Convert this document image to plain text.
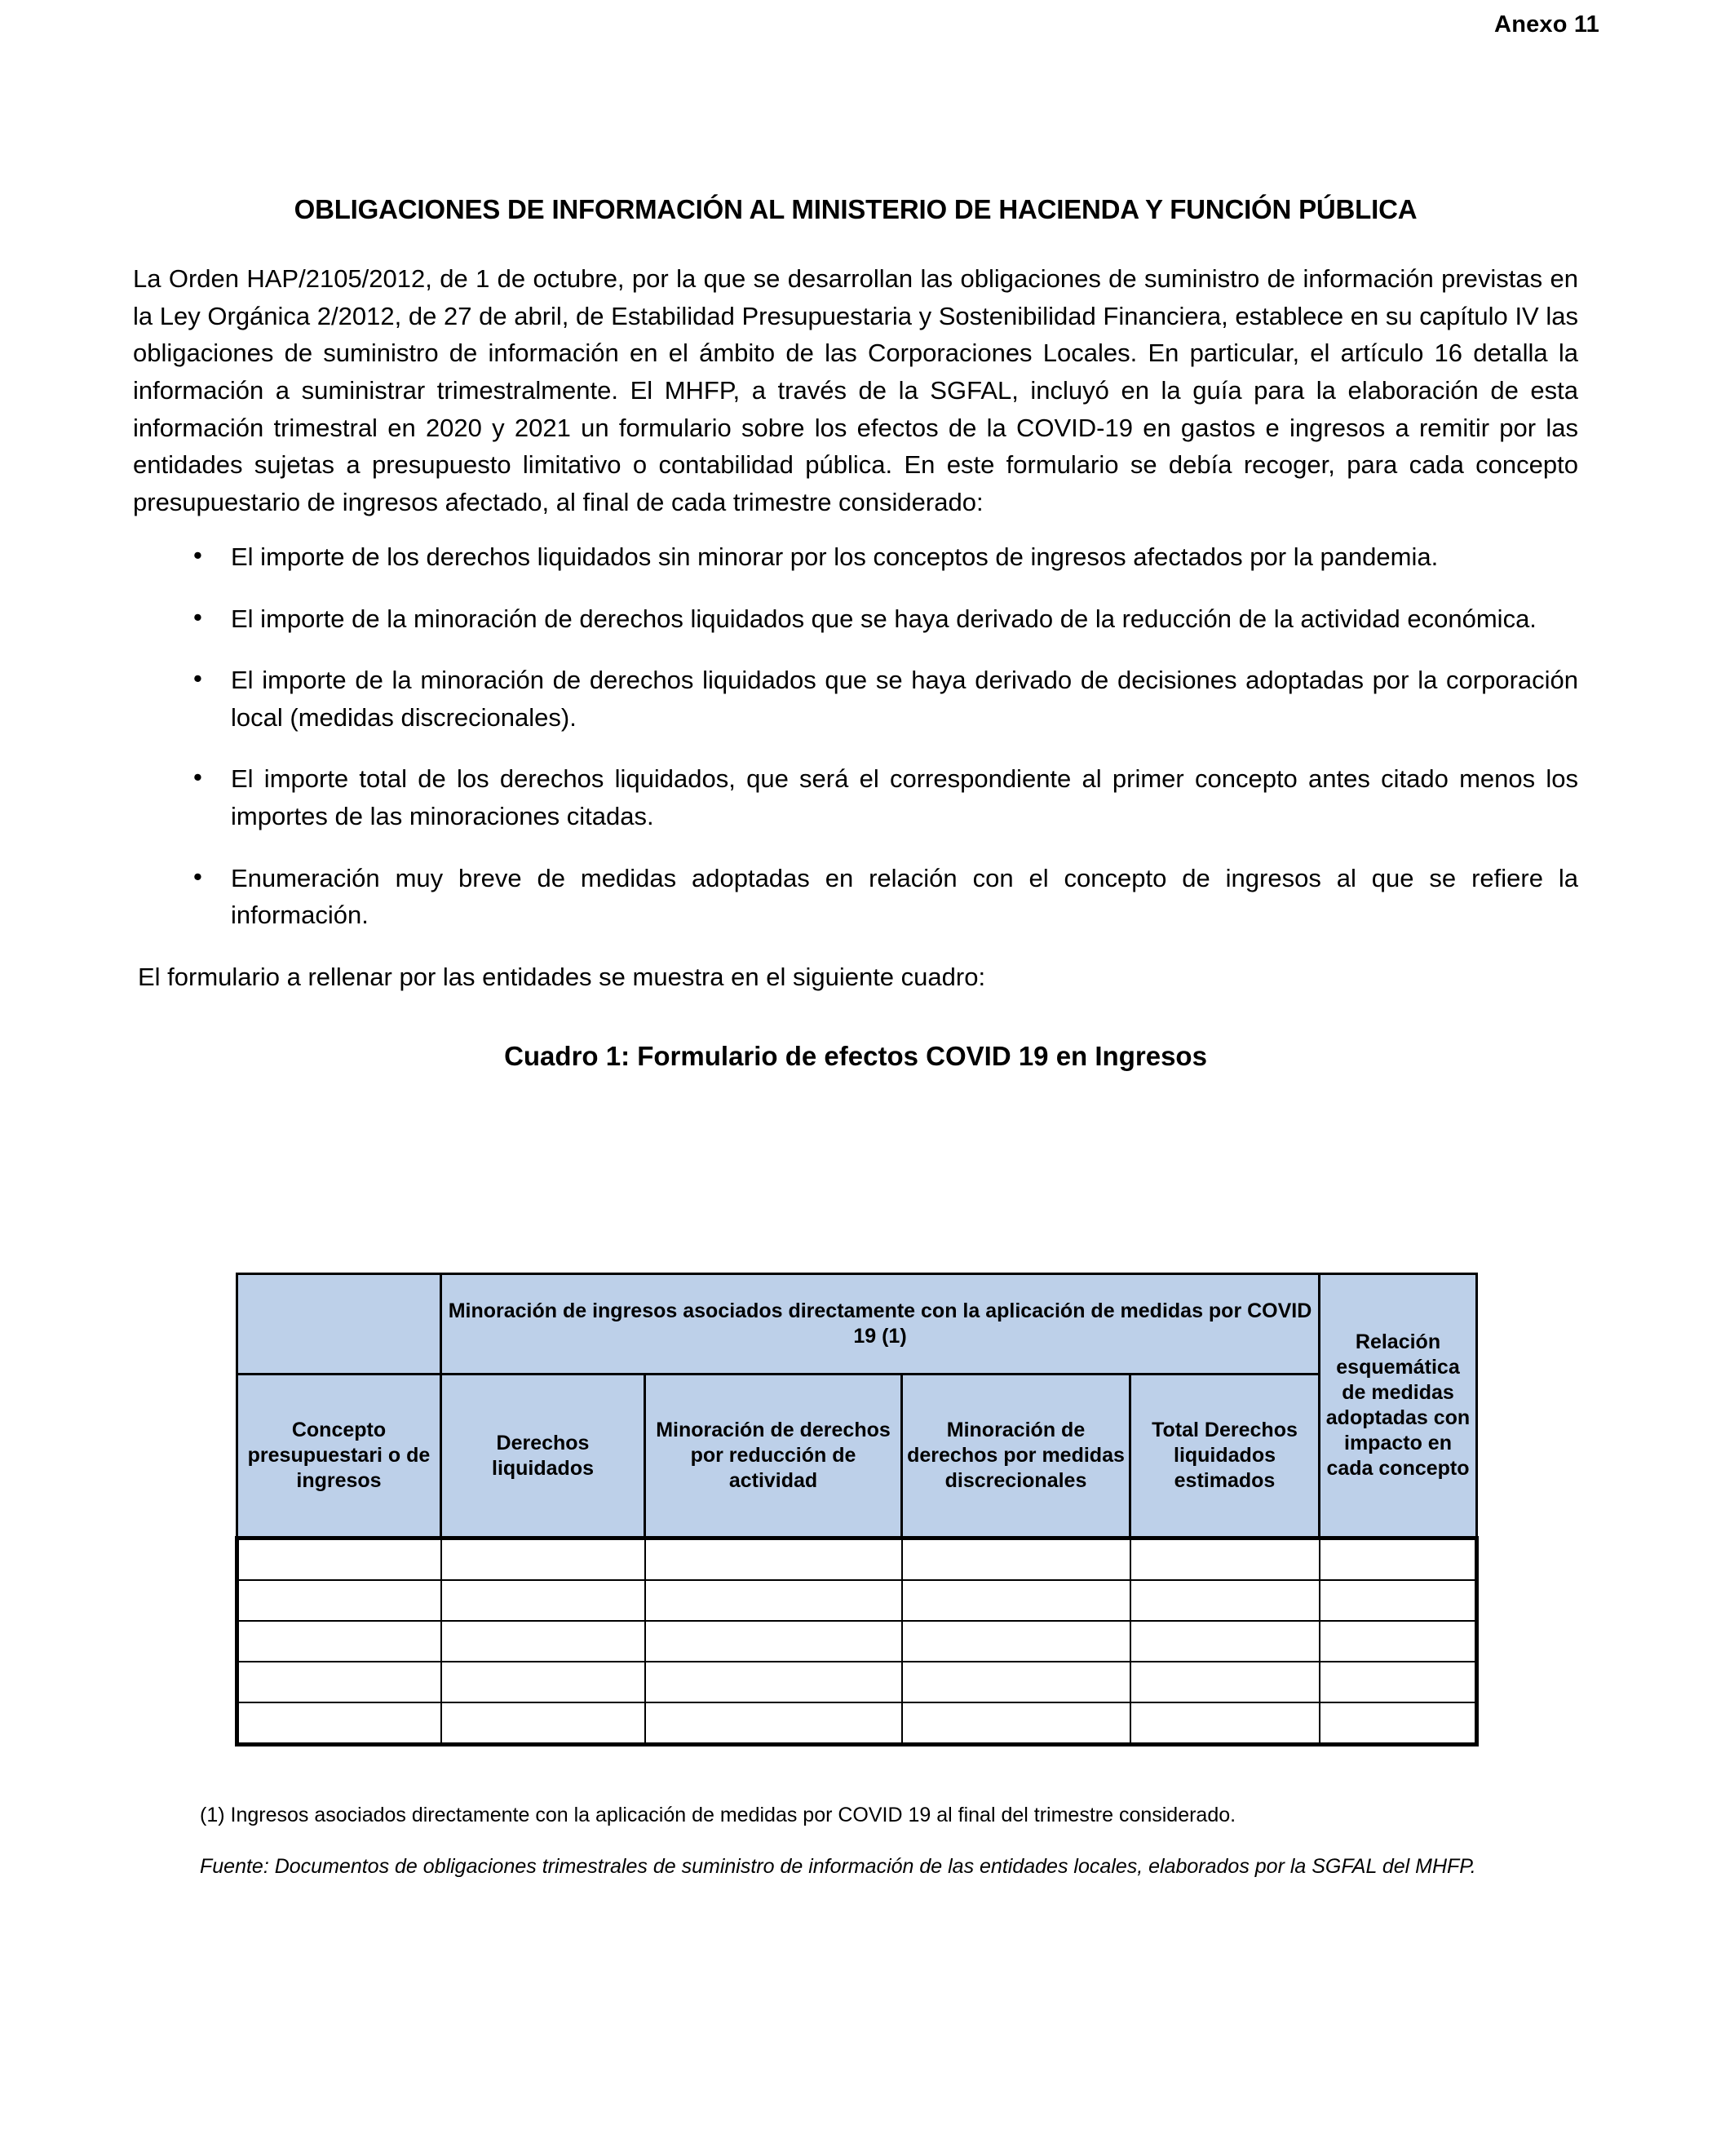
Anexo 11
OBLIGACIONES DE INFORMACIÓN AL MINISTERIO DE HACIENDA Y FUNCIÓN PÚBLICA

La Orden HAP/2105/2012, de 1 de octubre, por la que se desarrollan las obligaciones de suministro de información previstas en la Ley Orgánica 2/2012, de 27 de abril, de Estabilidad Presupuestaria y Sostenibilidad Financiera, establece en su capítulo IV las obligaciones de suministro de información en el ámbito de las Corporaciones Locales. En particular, el artículo 16 detalla la información a suministrar trimestralmente. El MHFP, a través de la SGFAL, incluyó en la guía para la elaboración de esta información trimestral en 2020 y 2021 un formulario sobre los efectos de la COVID-19 en gastos e ingresos a remitir por las entidades sujetas a presupuesto limitativo o contabilidad pública. En este formulario se debía recoger, para cada concepto presupuestario de ingresos afectado, al final de cada trimestre considerado:

• El importe de los derechos liquidados sin minorar por los conceptos de ingresos afectados por la pandemia.
• El importe de la minoración de derechos liquidados que se haya derivado de la reducción de la actividad económica.
• El importe de la minoración de derechos liquidados que se haya derivado de decisiones adoptadas por la corporación local (medidas discrecionales).
• El importe total de los derechos liquidados, que será el correspondiente al primer concepto antes citado menos los importes de las minoraciones citadas.
• Enumeración muy breve de medidas adoptadas en relación con el concepto de ingresos al que se refiere la información.

El formulario a rellenar por las entidades se muestra en el siguiente cuadro:

Cuadro 1: Formulario de efectos COVID 19 en Ingresos
	Minoración de ingresos asociados directamente con la aplicación de medidas por COVID 19 (1)				Relación esquemática de medidas adoptadas con impacto en cada concepto
Concepto presupuestari o de ingresos	Derechos liquidados	Minoración de derechos por reducción de actividad	Minoración de derechos por medidas discrecionales	Total Derechos liquidados estimados	

(1) Ingresos asociados directamente con la aplicación de medidas por COVID 19 al final del trimestre considerado.

Fuente: Documentos de obligaciones trimestrales de suministro de información de las entidades locales, elaborados por la SGFAL del MHFP.
